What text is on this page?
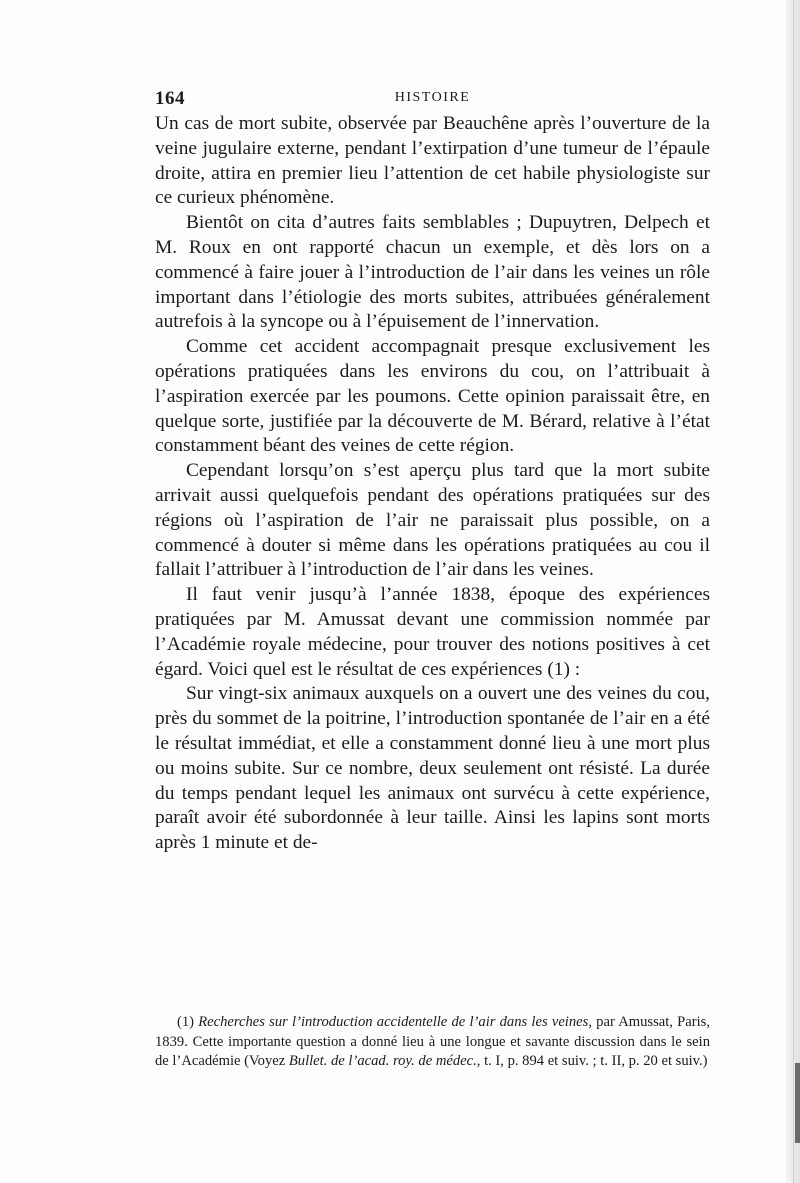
164	HISTOIRE

Un cas de mort subite, observée par Beauchêne après l’ouverture de la veine jugulaire externe, pendant l’extirpation d’une tumeur de l’épaule droite, attira en premier lieu l’attention de cet habile physiologiste sur ce curieux phénomène.

Bientôt on cita d’autres faits semblables ; Dupuytren, Delpech et M. Roux en ont rapporté chacun un exemple, et dès lors on a commencé à faire jouer à l’introduction de l’air dans les veines un rôle important dans l’étiologie des morts subites, attribuées généralement autrefois à la syncope ou à l’épuisement de l’innervation.

Comme cet accident accompagnait presque exclusivement les opérations pratiquées dans les environs du cou, on l’attribuait à l’aspiration exercée par les poumons. Cette opinion paraissait être, en quelque sorte, justifiée par la découverte de M. Bérard, relative à l’état constamment béant des veines de cette région.

Cependant lorsqu’on s’est aperçu plus tard que la mort subite arrivait aussi quelquefois pendant des opérations pratiquées sur des régions où l’aspiration de l’air ne paraissait plus possible, on a commencé à douter si même dans les opérations pratiquées au cou il fallait l’attribuer à l’introduction de l’air dans les veines.

Il faut venir jusqu’à l’année 1838, époque des expériences pratiquées par M. Amussat devant une commission nommée par l’Académie royale médecine, pour trouver des notions positives à cet égard. Voici quel est le résultat de ces expériences (1) :

Sur vingt-six animaux auxquels on a ouvert une des veines du cou, près du sommet de la poitrine, l’introduction spontanée de l’air en a été le résultat immédiat, et elle a constamment donné lieu à une mort plus ou moins subite. Sur ce nombre, deux seulement ont résisté. La durée du temps pendant lequel les animaux ont survécu à cette expérience, paraît avoir été subordonnée à leur taille. Ainsi les lapins sont morts après 1 minute et de-

(1) Recherches sur l’introduction accidentelle de l’air dans les veines, par Amussat, Paris, 1839. Cette importante question a donné lieu à une longue et savante discussion dans le sein de l’Académie (Voyez Bullet. de l’acad. roy. de médec., t. I, p. 894 et suiv. ; t. II, p. 20 et suiv.)
